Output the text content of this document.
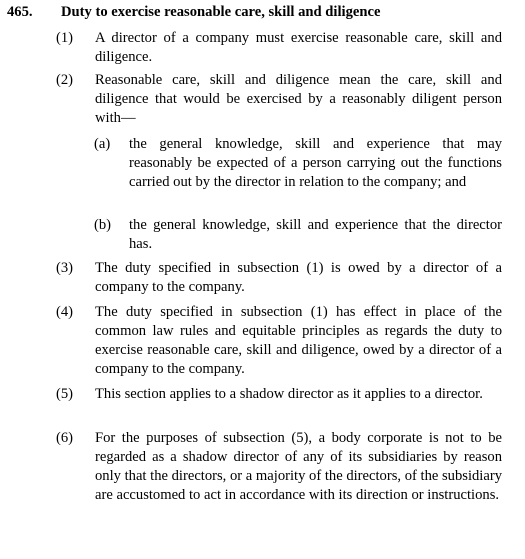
465. Duty to exercise reasonable care, skill and diligence
(1) A director of a company must exercise reasonable care, skill and diligence.
(2) Reasonable care, skill and diligence mean the care, skill and diligence that would be exercised by a reasonably diligent person with—
(a) the general knowledge, skill and experience that may reasonably be expected of a person carrying out the functions carried out by the director in relation to the company; and
(b) the general knowledge, skill and experience that the director has.
(3) The duty specified in subsection (1) is owed by a director of a company to the company.
(4) The duty specified in subsection (1) has effect in place of the common law rules and equitable principles as regards the duty to exercise reasonable care, skill and diligence, owed by a director of a company to the company.
(5) This section applies to a shadow director as it applies to a director.
(6) For the purposes of subsection (5), a body corporate is not to be regarded as a shadow director of any of its subsidiaries by reason only that the directors, or a majority of the directors, of the subsidiary are accustomed to act in accordance with its direction or instructions.
